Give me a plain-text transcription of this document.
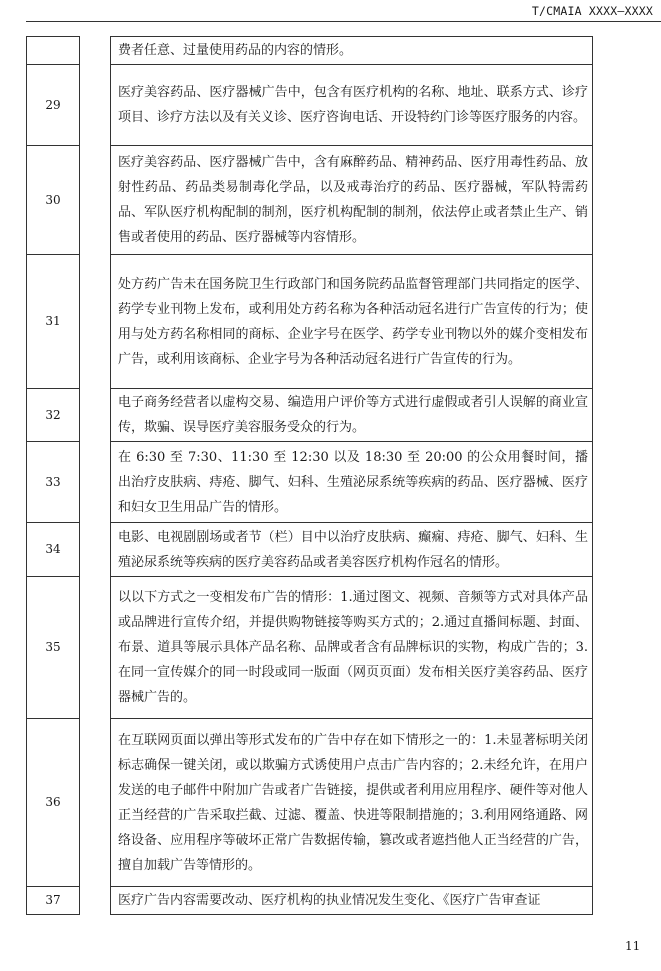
T/CMAIA XXXX—XXXX
		费者任意、过量使用药品的内容的情形。
29		医疗美容药品、医疗器械广告中，包含有医疗机构的名称、地址、联系方式、诊疗项目、诊疗方法以及有关义诊、医疗咨询电话、开设特约门诊等医疗服务的内容。
30		医疗美容药品、医疗器械广告中，含有麻醉药品、精神药品、医疗用毒性药品、放射性药品、药品类易制毒化学品，以及戒毒治疗的药品、医疗器械，军队特需药品、军队医疗机构配制的制剂，医疗机构配制的制剂，依法停止或者禁止生产、销售或者使用的药品、医疗器械等内容情形。
31		处方药广告未在国务院卫生行政部门和国务院药品监督管理部门共同指定的医学、药学专业刊物上发布，或利用处方药名称为各种活动冠名进行广告宣传的行为；使用与处方药名称相同的商标、企业字号在医学、药学专业刊物以外的媒介变相发布广告，或利用该商标、企业字号为各种活动冠名进行广告宣传的行为。
32		电子商务经营者以虚构交易、编造用户评价等方式进行虚假或者引人误解的商业宣传，欺骗、误导医疗美容服务受众的行为。
33		在 6:30 至 7:30、11:30 至 12:30 以及 18:30 至 20:00 的公众用餐时间，播出治疗皮肤病、痔疮、脚气、妇科、生殖泌尿系统等疾病的药品、医疗器械、医疗和妇女卫生用品广告的情形。
34		电影、电视剧剧场或者节（栏）目中以治疗皮肤病、癫痫、痔疮、脚气、妇科、生殖泌尿系统等疾病的医疗美容药品或者美容医疗机构作冠名的情形。
35		以以下方式之一变相发布广告的情形：1.通过图文、视频、音频等方式对具体产品或品牌进行宣传介绍，并提供购物链接等购买方式的；2.通过直播间标题、封面、布景、道具等展示具体产品名称、品牌或者含有品牌标识的实物，构成广告的；3.在同一宣传媒介的同一时段或同一版面（网页页面）发布相关医疗美容药品、医疗器械广告的。
36		在互联网页面以弹出等形式发布的广告中存在如下情形之一的：1.未显著标明关闭标志确保一键关闭，或以欺骗方式诱使用户点击广告内容的；2.未经允许，在用户发送的电子邮件中附加广告或者广告链接，提供或者利用应用程序、硬件等对他人正当经营的广告采取拦截、过滤、覆盖、快进等限制措施的；3.利用网络通路、网络设备、应用程序等破坏正常广告数据传输，篡改或者遮挡他人正当经营的广告，擅自加载广告等情形的。
37		医疗广告内容需要改动、医疗机构的执业情况发生变化、《医疗广告审查证
11
